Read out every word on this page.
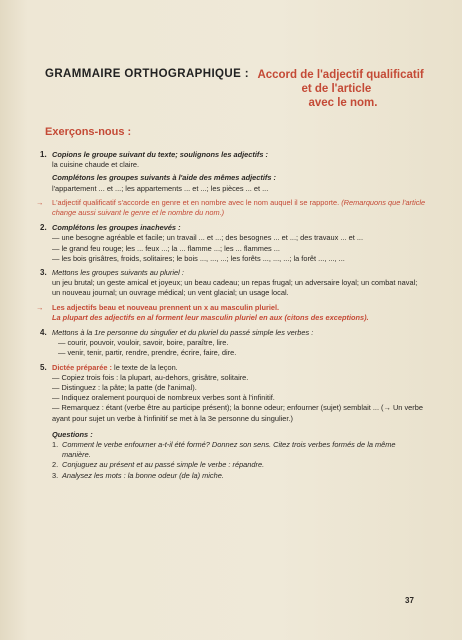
GRAMMAIRE ORTHOGRAPHIQUE : Accord de l'adjectif qualificatif
et de l'article
avec le nom.
Exerçons-nous :
1. Copions le groupe suivant du texte; soulignons les adjectifs :
la cuisine chaude et claire.
Complétons les groupes suivants à l'aide des mêmes adjectifs :
l'appartement ... et ...; les appartements ... et ...; les pièces ... et ...
→ L'adjectif qualificatif s'accorde en genre et en nombre avec le nom auquel il se rapporte. (Remarquons que l'article change aussi suivant le genre et le nombre du nom.)
2. Complétons les groupes inachevés :
— une besogne agréable et facile; un travail ... et ...; des besognes ... et ...; des travaux ... et ...
— le grand feu rouge; les ... feux ...; la ... flamme ...; les ... flammes ...
— les bois grisâtres, froids, solitaires; le bois ..., ..., ...; les forêts ..., ..., ...; la forêt ..., ..., ...
3. Mettons les groupes suivants au pluriel :
un jeu brutal; un geste amical et joyeux; un beau cadeau; un repas frugal; un adversaire loyal; un combat naval; un nouveau journal; un ouvrage médical; un vent glacial; un usage local.
→ Les adjectifs beau et nouveau prennent un x au masculin pluriel.
La plupart des adjectifs en al forment leur masculin pluriel en aux (citons des exceptions).
4. Mettons à la 1re personne du singulier et du pluriel du passé simple les verbes :
— courir, pouvoir, vouloir, savoir, boire, paraître, lire.
— venir, tenir, partir, rendre, prendre, écrire, faire, dire.
5. Dictée préparée : le texte de la leçon.
— Copiez trois fois : la plupart, au-dehors, grisâtre, solitaire.
— Distinguez : la pâte; la patte (de l'animal).
— Indiquez oralement pourquoi de nombreux verbes sont à l'infinitif.
— Remarquez : étant (verbe être au participe présent); la bonne odeur; enfourner (sujet) semblait ... (→ Un verbe ayant pour sujet un verbe à l'infinitif se met à la 3e personne du singulier.)
Questions :
1. Comment le verbe enfourner a-t-il été formé? Donnez son sens. Citez trois verbes formés de la même manière.
2. Conjuguez au présent et au passé simple le verbe : répandre.
3. Analysez les mots : la bonne odeur (de la) miche.
37
